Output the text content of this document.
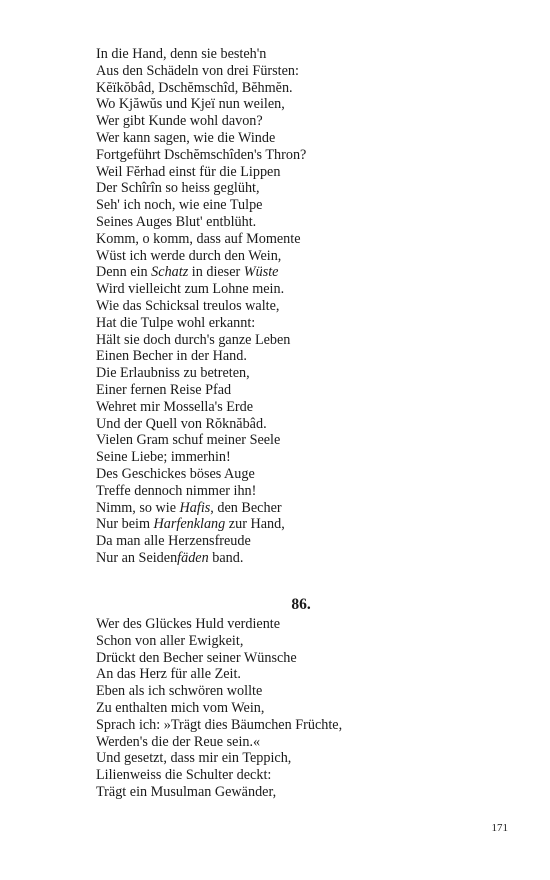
In die Hand, denn sie besteh'n
Aus den Schädeln von drei Fürsten:
Kĕïkŏbâd, Dschĕmschîd, Bĕhmĕn.
Wo Kjăwŭs und Kjeï nun weilen,
Wer gibt Kunde wohl davon?
Wer kann sagen, wie die Winde
Fortgeführt Dschĕmschîden's Thron?
Weil Fĕrhad einst für die Lippen
Der Schîrîn so heiss geglüht,
Seh' ich noch, wie eine Tulpe
Seines Auges Blut' entblüht.
Komm, o komm, dass auf Momente
Wüst ich werde durch den Wein,
Denn ein Schatz in dieser Wüste
Wird vielleicht zum Lohne mein.
Wie das Schicksal treulos walte,
Hat die Tulpe wohl erkannt:
Hält sie doch durch's ganze Leben
Einen Becher in der Hand.
Die Erlaubniss zu betreten,
Einer fernen Reise Pfad
Wehret mir Mossella's Erde
Und der Quell von Rŏknăbâd.
Vielen Gram schuf meiner Seele
Seine Liebe; immerhin!
Des Geschickes böses Auge
Treffe dennoch nimmer ihn!
Nimm, so wie Hafis, den Becher
Nur beim Harfenklang zur Hand,
Da man alle Herzensfreude
Nur an Seidenfäden band.
86.
Wer des Glückes Huld verdiente
Schon von aller Ewigkeit,
Drückt den Becher seiner Wünsche
An das Herz für alle Zeit.
Eben als ich schwören wollte
Zu enthalten mich vom Wein,
Sprach ich: »Trägt dies Bäumchen Früchte,
Werden's die der Reue sein.«
Und gesetzt, dass mir ein Teppich,
Lilienweiss die Schulter deckt:
Trägt ein Musulman Gewänder,
171
